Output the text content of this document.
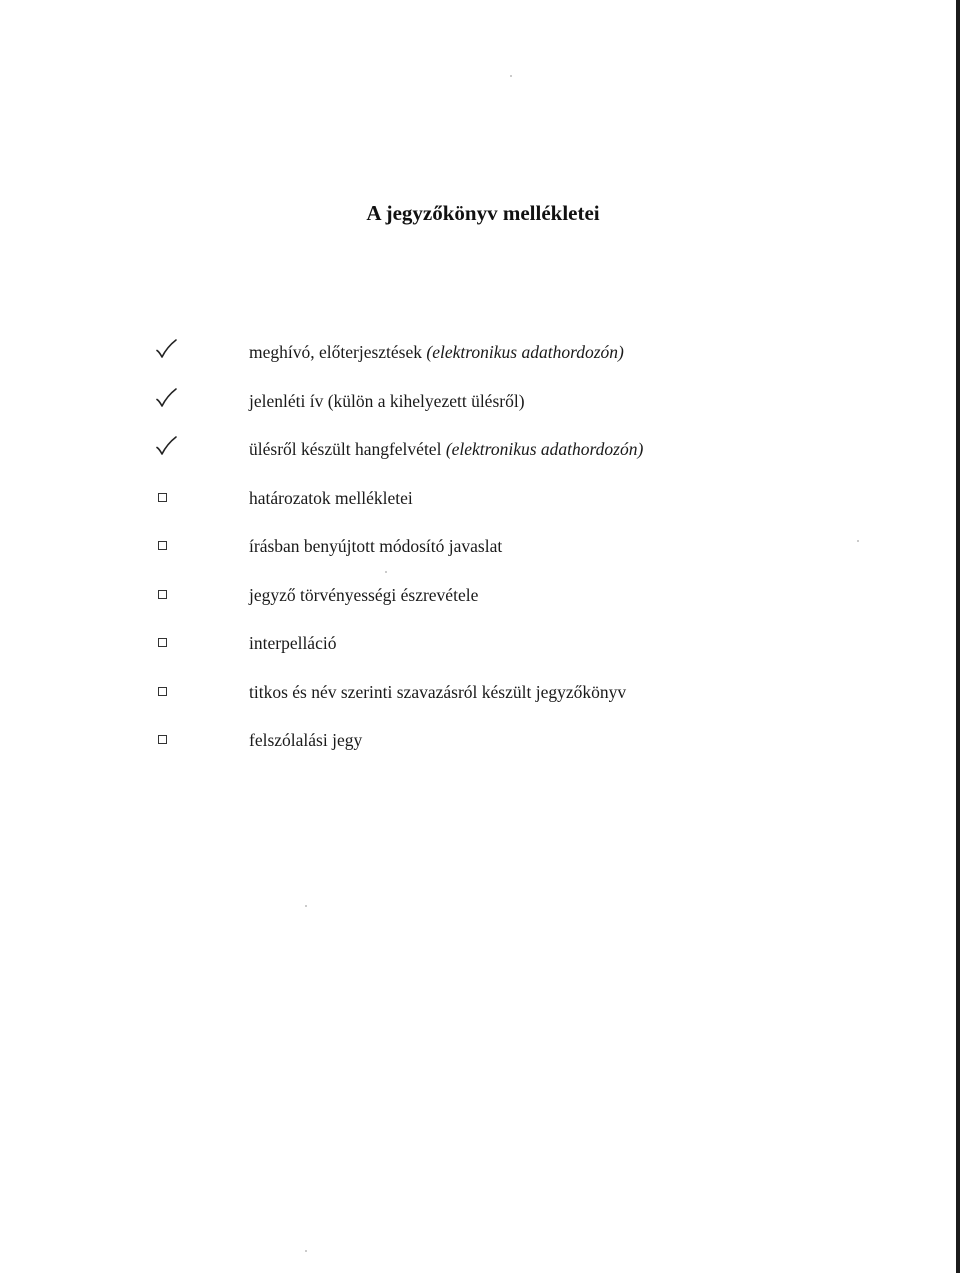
A jegyzőkönyv mellékletei
meghívó, előterjesztések (elektronikus adathordozón)
jelenléti ív (külön a kihelyezett ülésről)
ülésről készült hangfelvétel (elektronikus adathordozón)
határozatok mellékletei
írásban benyújtott módosító javaslat
jegyző törvényességi észrevétele
interpelláció
titkos és név szerinti szavazásról készült jegyzőkönyv
felszólalási jegy
